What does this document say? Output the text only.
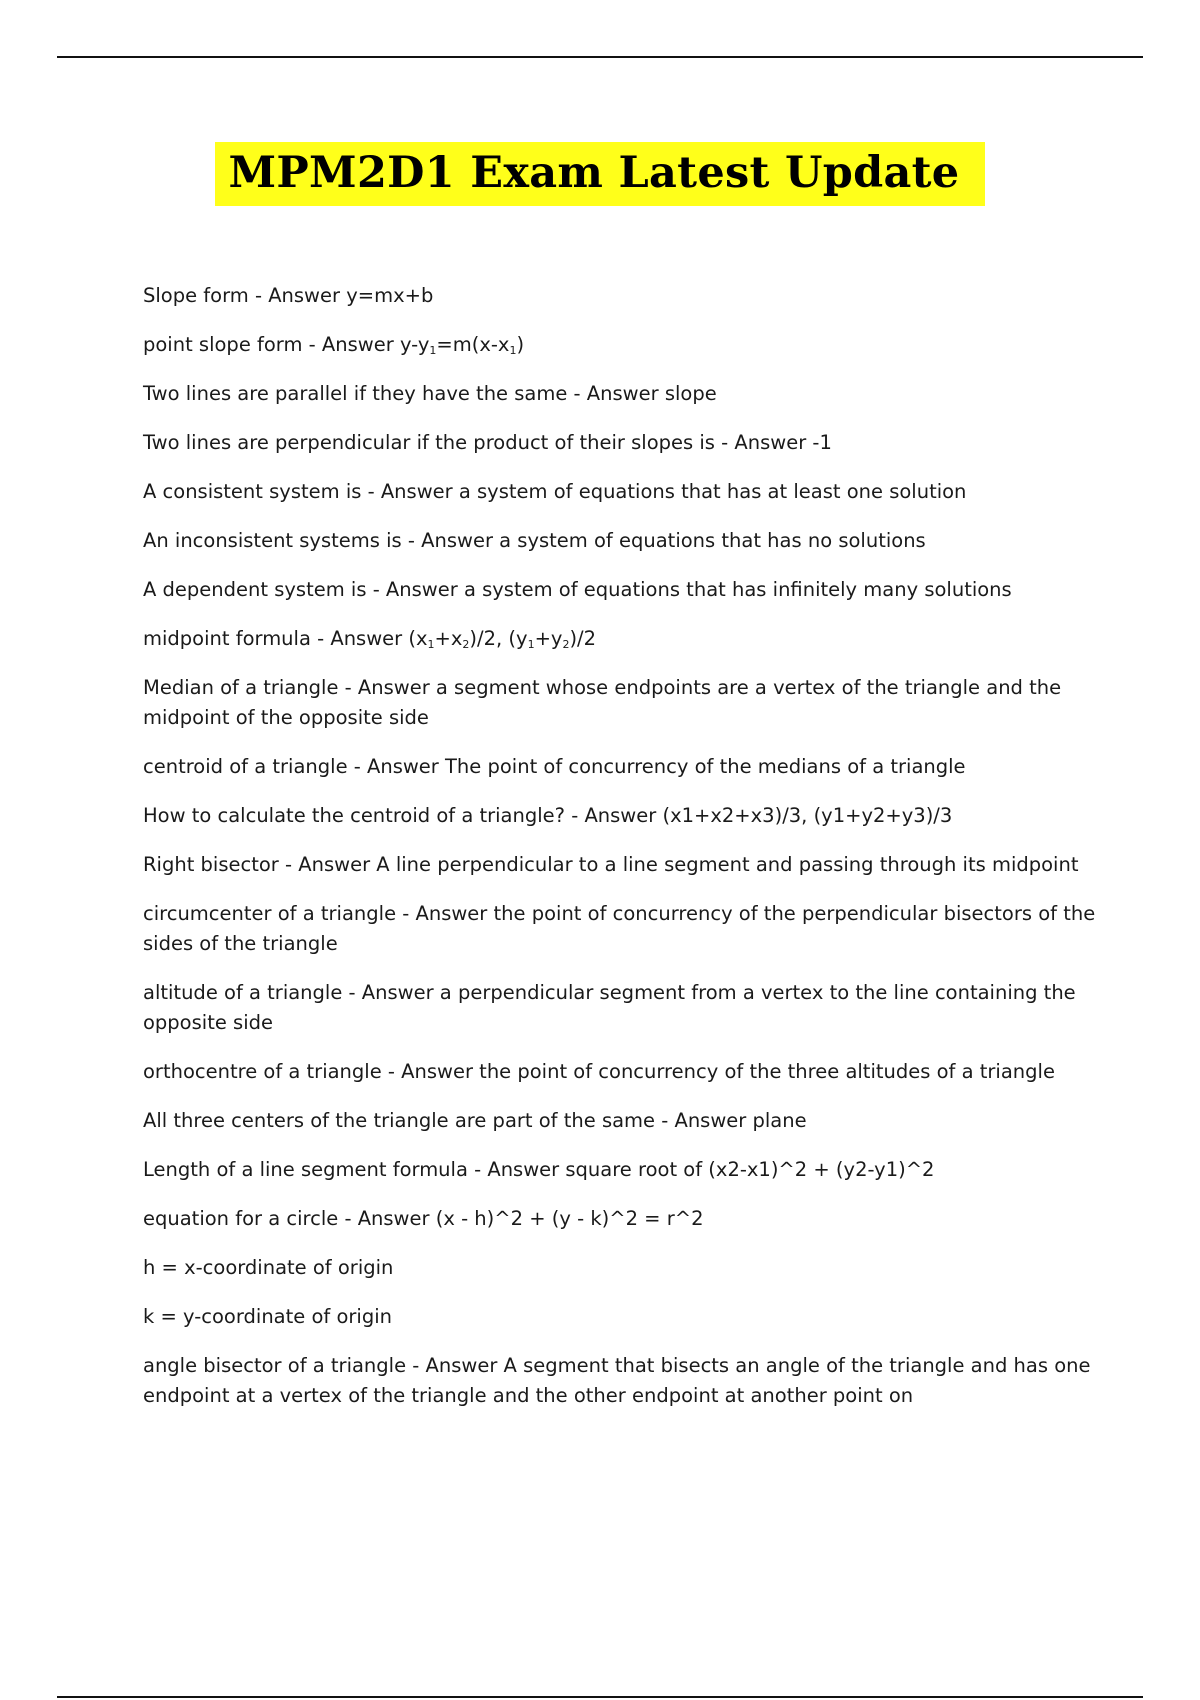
MPM2D1 Exam Latest Update

Slope form - Answer y=mx+b

point slope form - Answer $y-y_1=m(x-x_1)$

Two lines are parallel if they have the same - Answer slope

Two lines are perpendicular if the product of their slopes is - Answer -1

A consistent system is - Answer a system of equations that has at least one solution

An inconsistent systems is - Answer a system of equations that has no solutions

A dependent system is - Answer a system of equations that has infinitely many solutions

midpoint formula - Answer $(x_1+x_2)/2$, $(y_1+y_2)/2$

Median of a triangle - Answer a segment whose endpoints are a vertex of the triangle and the midpoint of the opposite side

centroid of a triangle - Answer The point of concurrency of the medians of a triangle

How to calculate the centroid of a triangle? - Answer (x1+x2+x3)/3, (y1+y2+y3)/3

Right bisector - Answer A line perpendicular to a line segment and passing through its midpoint

circumcenter of a triangle - Answer the point of concurrency of the perpendicular bisectors of the sides of the triangle

altitude of a triangle - Answer a perpendicular segment from a vertex to the line containing the opposite side

orthocentre of a triangle - Answer the point of concurrency of the three altitudes of a triangle

All three centers of the triangle are part of the same - Answer plane

Length of a line segment formula - Answer square root of (x2-x1)^2 + (y2-y1)^2

equation for a circle - Answer (x - h)^2 + (y - k)^2 = r^2

h = x-coordinate of origin

k = y-coordinate of origin

angle bisector of a triangle - Answer A segment that bisects an angle of the triangle and has one endpoint at a vertex of the triangle and the other endpoint at another point on
